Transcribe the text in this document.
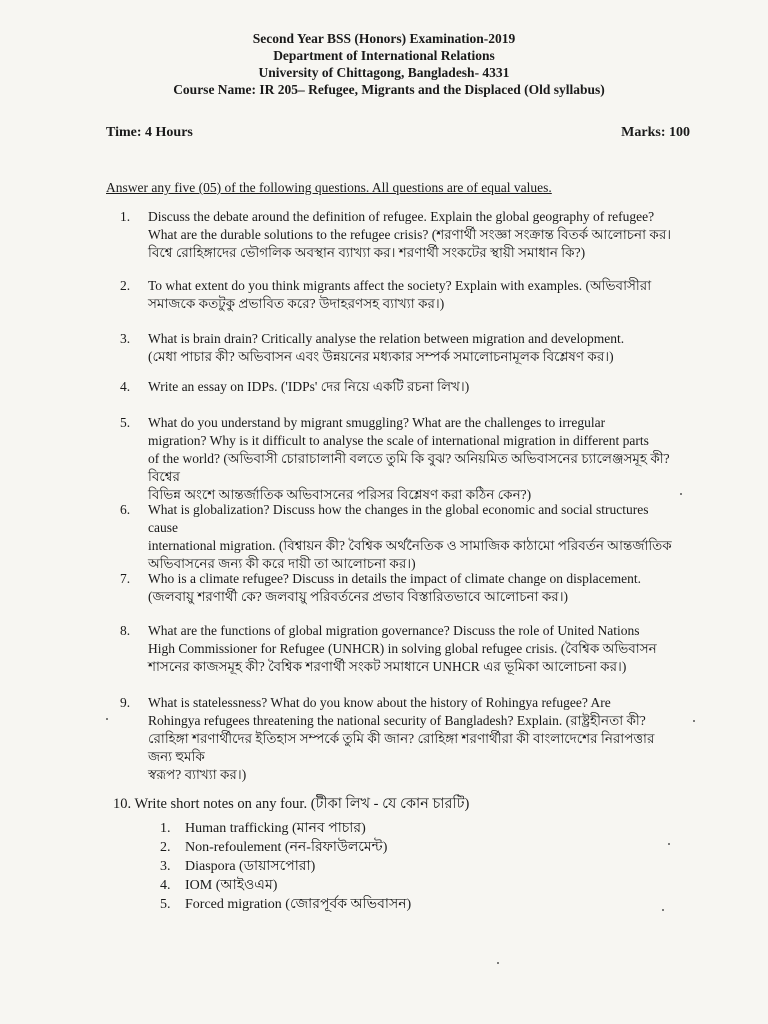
Second Year BSS (Honors) Examination-2019
Department of International Relations
University of Chittagong, Bangladesh- 4331
Course Name: IR 205– Refugee, Migrants and the Displaced (Old syllabus)
Time: 4 Hours	Marks: 100
Answer any five (05) of the following questions. All questions are of equal values.
1.	Discuss the debate around the definition of refugee. Explain the global geography of refugee?
What are the durable solutions to the refugee crisis? (শরণার্থী সংজ্ঞা সংক্রান্ত বিতর্ক আলোচনা কর।
বিশ্বে রোহিঙ্গাদের ভৌগলিক অবস্থান ব্যাখ্যা কর। শরণার্থী সংকটের স্থায়ী সমাধান কি?)
2.	To what extent do you think migrants affect the society? Explain with examples. (অভিবাসীরা
সমাজকে কতটুকু প্রভাবিত করে? উদাহরণসহ ব্যাখ্যা কর।)
3.	What is brain drain? Critically analyse the relation between migration and development.
(মেধা পাচার কী? অভিবাসন এবং উন্নয়নের মধ্যকার সম্পর্ক সমালোচনামূলক বিশ্লেষণ কর।)
4.	Write an essay on IDPs. ('IDPs' দের নিয়ে একটি রচনা লিখ।)
5.	What do you understand by migrant smuggling? What are the challenges to irregular
migration? Why is it difficult to analyse the scale of international migration in different parts
of the world? (অভিবাসী চোরাচালানী বলতে তুমি কি বুঝ? অনিয়মিত অভিবাসনের চ্যালেঞ্জসমূহ কী? বিশ্বের
বিভিন্ন অংশে আন্তর্জাতিক অভিবাসনের পরিসর বিশ্লেষণ করা কঠিন কেন?)
6.	What is globalization? Discuss how the changes in the global economic and social structures cause
international migration. (বিশ্বায়ন কী? বৈশ্বিক অর্থনৈতিক ও সামাজিক কাঠামো পরিবর্তন আন্তর্জাতিক
অভিবাসনের জন্য কী করে দায়ী তা আলোচনা কর।)
7.	Who is a climate refugee? Discuss in details the impact of climate change on displacement.
(জলবায়ু শরণার্থী কে? জলবায়ু পরিবর্তনের প্রভাব বিস্তারিতভাবে আলোচনা কর।)
8.	What are the functions of global migration governance? Discuss the role of United Nations
High Commissioner for Refugee (UNHCR) in solving global refugee crisis. (বৈশ্বিক অভিবাসন
শাসনের কাজসমূহ কী? বৈশ্বিক শরণার্থী সংকট সমাধানে UNHCR এর ভূমিকা আলোচনা কর।)
9.	What is statelessness? What do you know about the history of Rohingya refugee? Are
Rohingya refugees threatening the national security of Bangladesh? Explain. (রাষ্ট্রহীনতা কী?
রোহিঙ্গা শরণার্থীদের ইতিহাস সম্পর্কে তুমি কী জান? রোহিঙ্গা শরণার্থীরা কী বাংলাদেশের নিরাপত্তার জন্য হুমকি
স্বরূপ? ব্যাখ্যা কর।)
10. Write short notes on any four. (টীকা লিখ - যে কোন চারটি)
1. Human trafficking (মানব পাচার)
2. Non-refoulement (নন-রিফাউলমেন্ট)
3. Diaspora (ডায়াসপোরা)
4. IOM (আইওএম)
5. Forced migration (জোরপূর্বক অভিবাসন)
